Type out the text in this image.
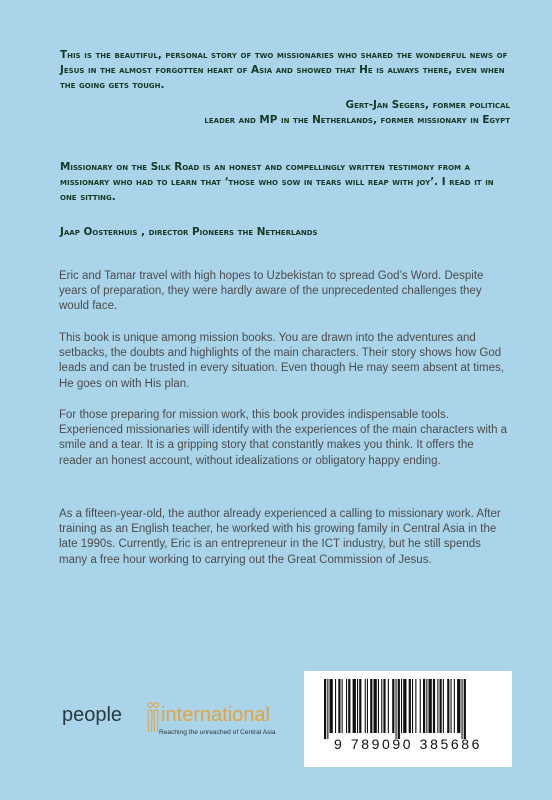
This is the beautiful, personal story of two missionaries who shared the wonderful news of Jesus in the almost forgotten heart of Asia and showed that He is always there, even when the going gets tough.

Gert-Jan Segers, former political
leader and MP in the Netherlands, former missionary in Egypt

Missionary on the Silk Road is an honest and compellingly written testimony from a missionary who had to learn that ‘those who sow in tears will reap with joy’. I read it in one sitting.

Jaap Oosterhuis , director Pioneers the Netherlands

Eric and Tamar travel with high hopes to Uzbekistan to spread God’s Word. Despite years of preparation, they were hardly aware of the unprecedented challenges they would face.

This book is unique among mission books. You are drawn into the adventures and setbacks, the doubts and highlights of the main characters. Their story shows how God leads and can be trusted in every situation. Even though He may seem absent at times, He goes on with His plan.

For those preparing for mission work, this book provides indispensable tools. Experienced missionaries will identify with the experiences of the main characters with a smile and a tear. It is a gripping story that constantly makes you think. It offers the reader an honest account, without idealizations or obligatory happy ending.

As a fifteen-year-old, the author already experienced a calling to missionary work. After training as an English teacher, he worked with his growing family in Central Asia in the late 1990s. Currently, Eric is an entrepreneur in the ICT industry, but he still spends many a free hour working to carrying out the Great Commission of Jesus.

people international
Reaching the unreached of Central Asia
9 789090 385686
